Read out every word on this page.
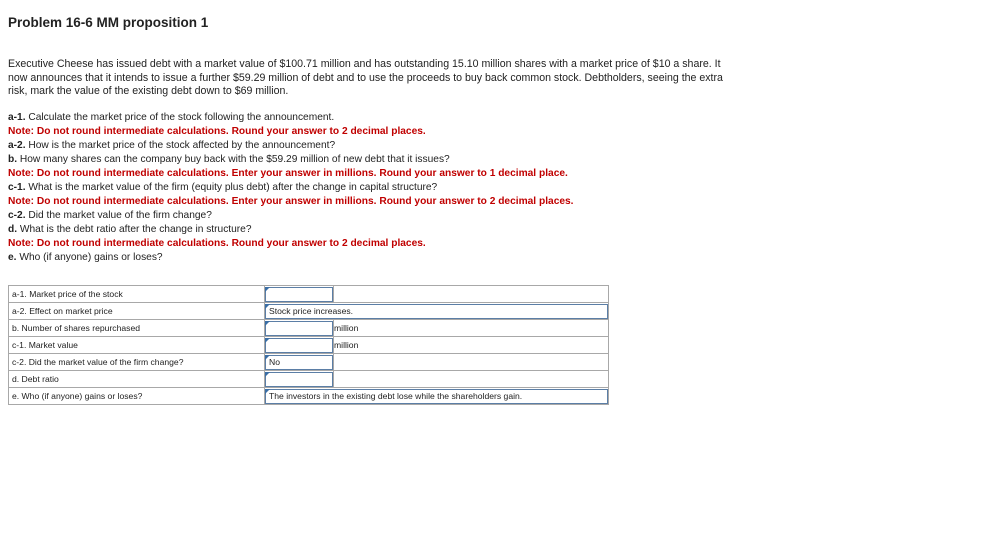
Problem 16-6 MM proposition 1
Executive Cheese has issued debt with a market value of $100.71 million and has outstanding 15.10 million shares with a market price of $10 a share. It now announces that it intends to issue a further $59.29 million of debt and to use the proceeds to buy back common stock. Debtholders, seeing the extra risk, mark the value of the existing debt down to $69 million.
a-1. Calculate the market price of the stock following the announcement.
Note: Do not round intermediate calculations. Round your answer to 2 decimal places.
a-2. How is the market price of the stock affected by the announcement?
b. How many shares can the company buy back with the $59.29 million of new debt that it issues?
Note: Do not round intermediate calculations. Enter your answer in millions. Round your answer to 1 decimal place.
c-1. What is the market value of the firm (equity plus debt) after the change in capital structure?
Note: Do not round intermediate calculations. Enter your answer in millions. Round your answer to 2 decimal places.
c-2. Did the market value of the firm change?
d. What is the debt ratio after the change in structure?
Note: Do not round intermediate calculations. Round your answer to 2 decimal places.
e. Who (if anyone) gains or loses?
a-1. Market price of the stock	

a-2. Effect on market price	Stock price increases.	

b. Number of shares repurchased		million
c-1. Market value		million
c-2. Did the market value of the firm change?	No	

d. Debt ratio	

e. Who (if anyone) gains or loses?	The investors in the existing debt lose while the shareholders gain.	
